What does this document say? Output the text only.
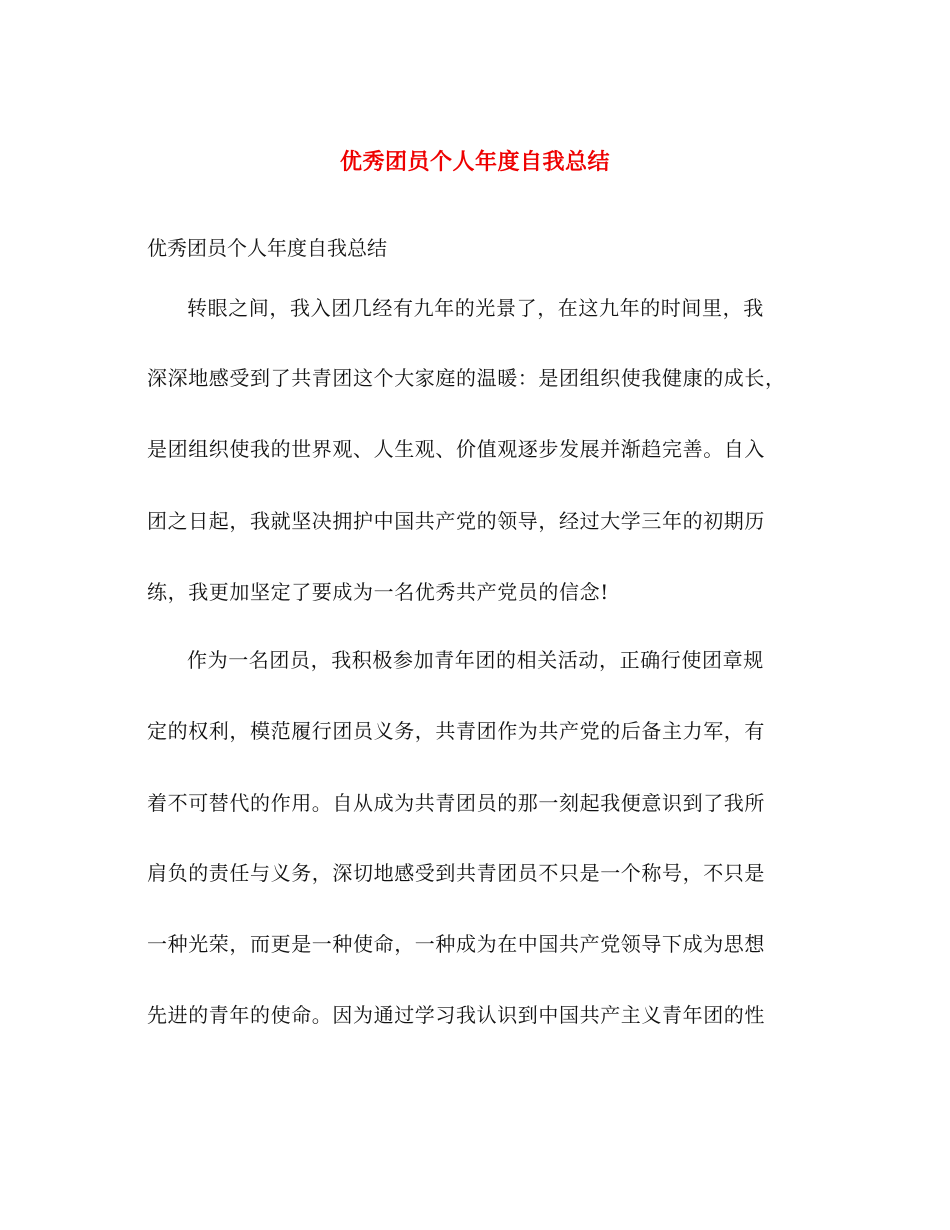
优秀团员个人年度自我总结
优秀团员个人年度自我总结
转眼之间，我入团几经有九年的光景了，在这九年的时间里，我
深深地感受到了共青团这个大家庭的温暖：是团组织使我健康的成长，
是团组织使我的世界观、人生观、价值观逐步发展并渐趋完善。自入
团之日起，我就坚决拥护中国共产党的领导，经过大学三年的初期历
练，我更加坚定了要成为一名优秀共产党员的信念!
作为一名团员，我积极参加青年团的相关活动，正确行使团章规
定的权利，模范履行团员义务，共青团作为共产党的后备主力军，有
着不可替代的作用。自从成为共青团员的那一刻起我便意识到了我所
肩负的责任与义务，深切地感受到共青团员不只是一个称号，不只是
一种光荣，而更是一种使命，一种成为在中国共产党领导下成为思想
先进的青年的使命。因为通过学习我认识到中国共产主义青年团的性
